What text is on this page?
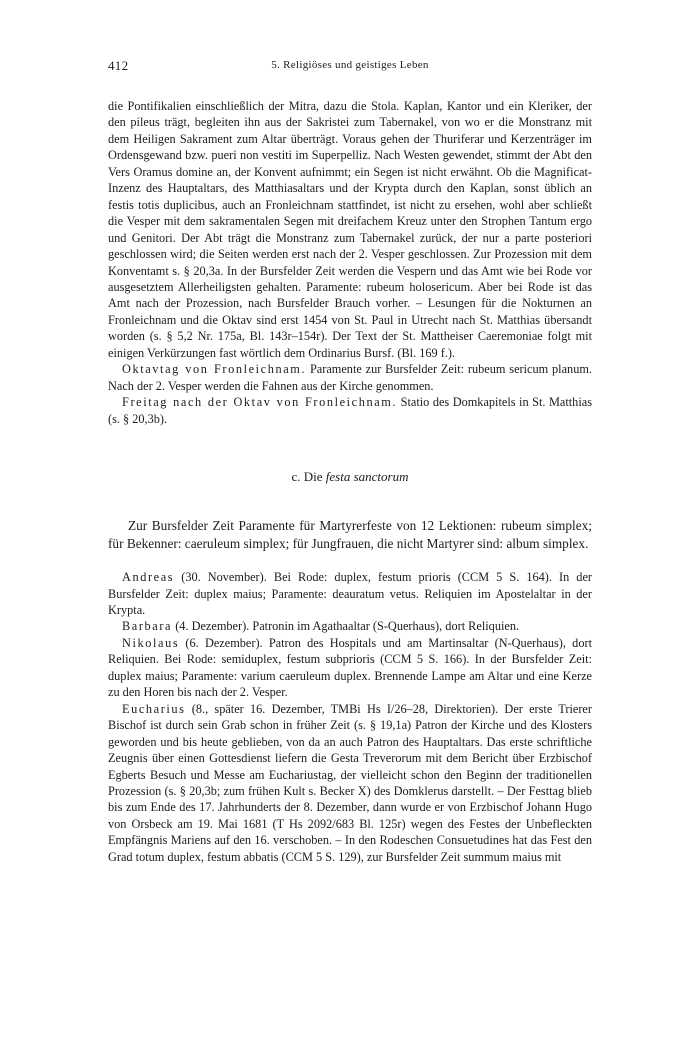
412	5. Religiöses und geistiges Leben

die Pontifikalien einschließlich der Mitra, dazu die Stola. Kaplan, Kantor und ein Kleriker, der den pileus trägt, begleiten ihn aus der Sakristei zum Tabernakel, von wo er die Monstranz mit dem Heiligen Sakrament zum Altar überträgt. Voraus gehen der Thuriferar und Kerzenträger im Ordensgewand bzw. pueri non vestiti im Superpelliz. Nach Westen gewendet, stimmt der Abt den Vers Oramus domine an, der Konvent aufnimmt; ein Segen ist nicht erwähnt. Ob die Magnificat-Inzenz des Hauptaltars, des Matthiasaltars und der Krypta durch den Kaplan, sonst üblich an festis totis duplicibus, auch an Fronleichnam stattfindet, ist nicht zu ersehen, wohl aber schließt die Vesper mit dem sakramentalen Segen mit dreifachem Kreuz unter den Strophen Tantum ergo und Genitori. Der Abt trägt die Monstranz zum Tabernakel zurück, der nur a parte posteriori geschlossen wird; die Seiten werden erst nach der 2. Vesper geschlossen. Zur Prozession mit dem Konventamt s. § 20,3a. In der Bursfelder Zeit werden die Vespern und das Amt wie bei Rode vor ausgesetztem Allerheiligsten gehalten. Paramente: rubeum holosericum. Aber bei Rode ist das Amt nach der Prozession, nach Bursfelder Brauch vorher. – Lesungen für die Nokturnen an Fronleichnam und die Oktav sind erst 1454 von St. Paul in Utrecht nach St. Matthias übersandt worden (s. § 5,2 Nr. 175a, Bl. 143r–154r). Der Text der St. Mattheiser Caeremoniae folgt mit einigen Verkürzungen fast wörtlich dem Ordinarius Bursf. (Bl. 169 f.).

Oktavtag von Fronleichnam. Paramente zur Bursfelder Zeit: rubeum sericum planum. Nach der 2. Vesper werden die Fahnen aus der Kirche genommen.

Freitag nach der Oktav von Fronleichnam. Statio des Domkapitels in St. Matthias (s. § 20,3b).

c. Die festa sanctorum

Zur Bursfelder Zeit Paramente für Martyrerfeste von 12 Lektionen: rubeum simplex; für Bekenner: caeruleum simplex; für Jungfrauen, die nicht Martyrer sind: album simplex.

Andreas (30. November). Bei Rode: duplex, festum prioris (CCM 5 S. 164). In der Bursfelder Zeit: duplex maius; Paramente: deauratum vetus. Reliquien im Apostelaltar in der Krypta.

Barbara (4. Dezember). Patronin im Agathaaltar (S-Querhaus), dort Reliquien.

Nikolaus (6. Dezember). Patron des Hospitals und am Martinsaltar (N-Querhaus), dort Reliquien. Bei Rode: semiduplex, festum subprioris (CCM 5 S. 166). In der Bursfelder Zeit: duplex maius; Paramente: varium caeruleum duplex. Brennende Lampe am Altar und eine Kerze zu den Horen bis nach der 2. Vesper.

Eucharius (8., später 16. Dezember, TMBi Hs I/26–28, Direktorien). Der erste Trierer Bischof ist durch sein Grab schon in früher Zeit (s. § 19,1a) Patron der Kirche und des Klosters geworden und bis heute geblieben, von da an auch Patron des Hauptaltars. Das erste schriftliche Zeugnis über einen Gottesdienst liefern die Gesta Treverorum mit dem Bericht über Erzbischof Egberts Besuch und Messe am Euchariustag, der vielleicht schon den Beginn der traditionellen Prozession (s. § 20,3b; zum frühen Kult s. Becker X) des Domklerus darstellt. – Der Festtag blieb bis zum Ende des 17. Jahrhunderts der 8. Dezember, dann wurde er von Erzbischof Johann Hugo von Orsbeck am 19. Mai 1681 (T Hs 2092/683 Bl. 125r) wegen des Festes der Unbefleckten Empfängnis Mariens auf den 16. verschoben. – In den Rodeschen Consuetudines hat das Fest den Grad totum duplex, festum abbatis (CCM 5 S. 129), zur Bursfelder Zeit summum maius mit
